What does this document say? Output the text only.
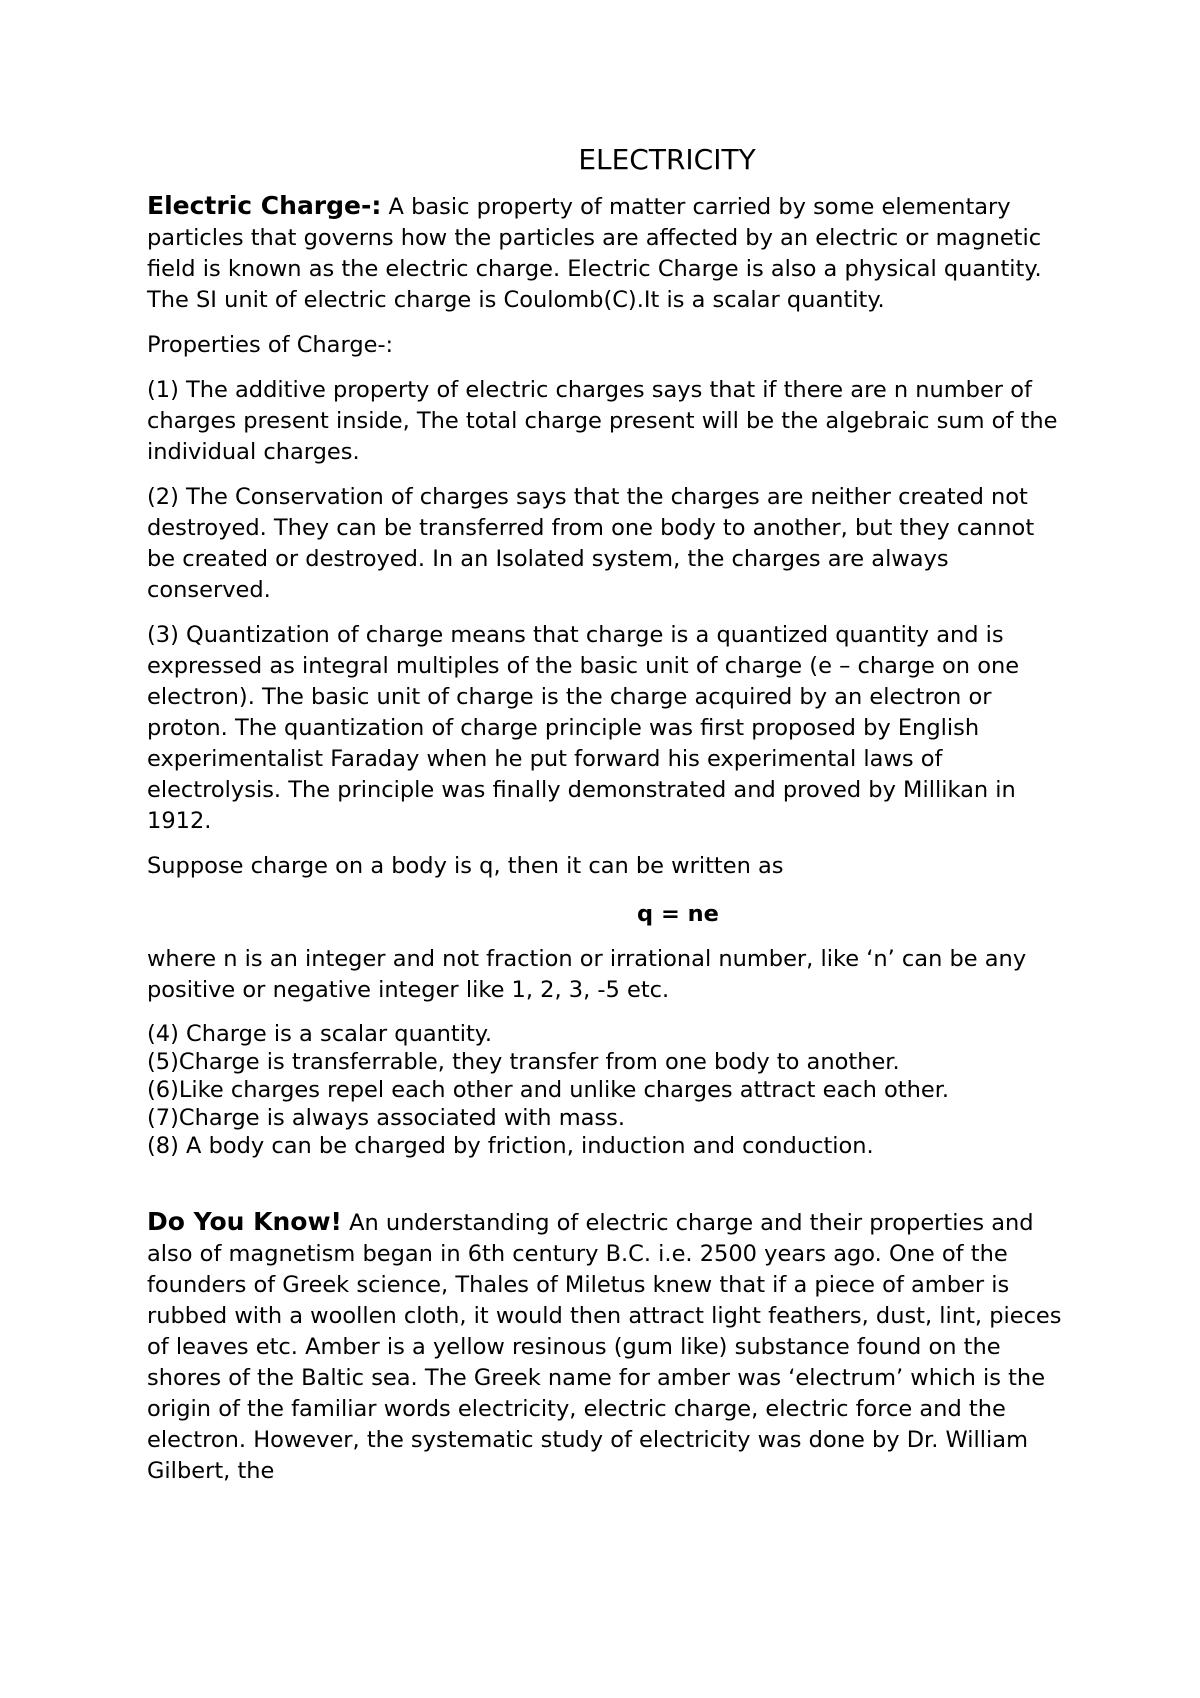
ELECTRICITY

Electric Charge-: A basic property of matter carried by some elementary particles that governs how the particles are affected by an electric or magnetic field is known as the electric charge. Electric Charge is also a physical quantity. The SI unit of electric charge is Coulomb(C).It is a scalar quantity.

Properties of Charge-:

(1) The additive property of electric charges says that if there are n number of charges present inside, The total charge present will be the algebraic sum of the individual charges.

(2) The Conservation of charges says that the charges are neither created not destroyed. They can be transferred from one body to another, but they cannot be created or destroyed. In an Isolated system, the charges are always conserved.

(3) Quantization of charge means that charge is a quantized quantity and is expressed as integral multiples of the basic unit of charge (e – charge on one electron). The basic unit of charge is the charge acquired by an electron or proton. The quantization of charge principle was first proposed by English experimentalist Faraday when he put forward his experimental laws of electrolysis. The principle was finally demonstrated and proved by Millikan in 1912.

Suppose charge on a body is q, then it can be written as

q = ne

where n is an integer and not fraction or irrational number, like ‘n’ can be any positive or negative integer like 1, 2, 3, -5 etc.

(4) Charge is a scalar quantity.
(5)Charge is transferrable, they transfer from one body to another.
(6)Like charges repel each other and unlike charges attract each other.
(7)Charge is always associated with mass.
(8) A body can be charged by friction, induction and conduction.

Do You Know! An understanding of electric charge and their properties and also of magnetism began in 6th century B.C. i.e. 2500 years ago. One of the founders of Greek science, Thales of Miletus knew that if a piece of amber is rubbed with a woollen cloth, it would then attract light feathers, dust, lint, pieces of leaves etc. Amber is a yellow resinous (gum like) substance found on the shores of the Baltic sea. The Greek name for amber was ‘electrum’ which is the origin of the familiar words electricity, electric charge, electric force and the electron. However, the systematic study of electricity was done by Dr. William Gilbert, the
